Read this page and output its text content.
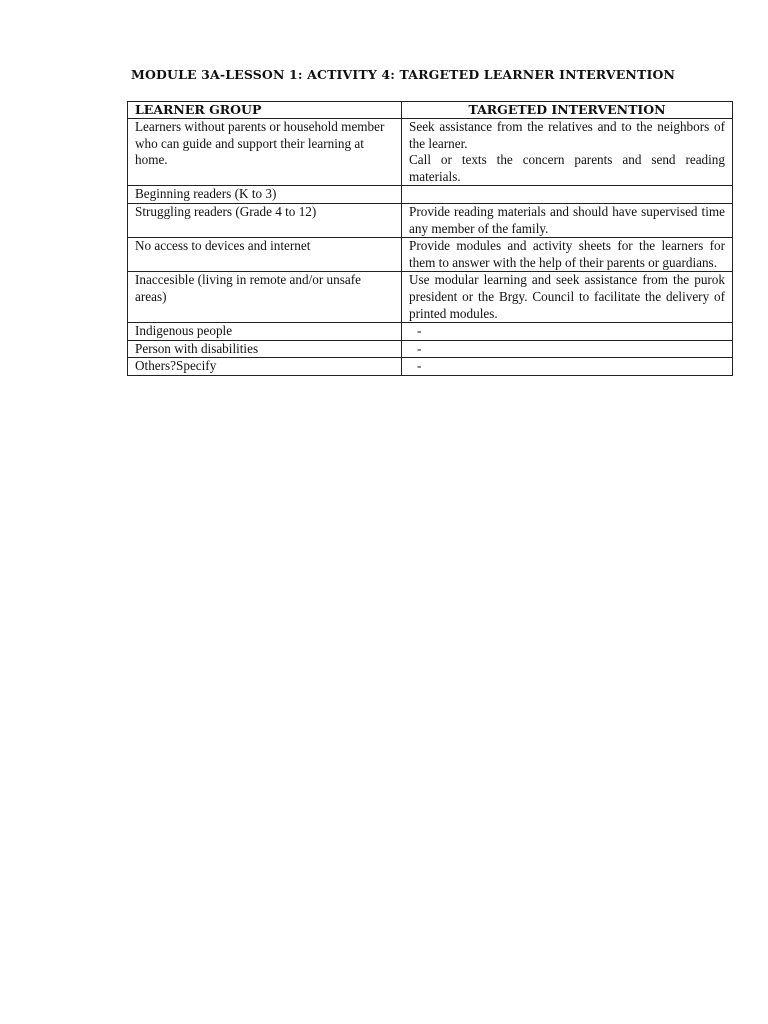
MODULE 3A-LESSON 1: ACTIVITY 4: TARGETED LEARNER INTERVENTION
LEARNER GROUP	TARGETED INTERVENTION
Learners without parents or household member who can guide and support their learning at home.	Seek assistance from the relatives and to the neighbors of the learner.
Call or texts the concern parents and send reading materials.

Beginning readers (K to 3)	
Struggling readers (Grade 4 to 12)	Provide reading materials and should have supervised time any member of the family.

No access to devices and internet	Provide modules and activity sheets for the learners for them to answer with the help of their parents or guardians.

Inaccesible (living in remote and/or unsafe areas)	Use modular learning and seek assistance from the purok president or the Brgy. Council to facilitate the delivery of printed modules.

Indigenous people	-

Person with disabilities	-

Others?Specify	-
